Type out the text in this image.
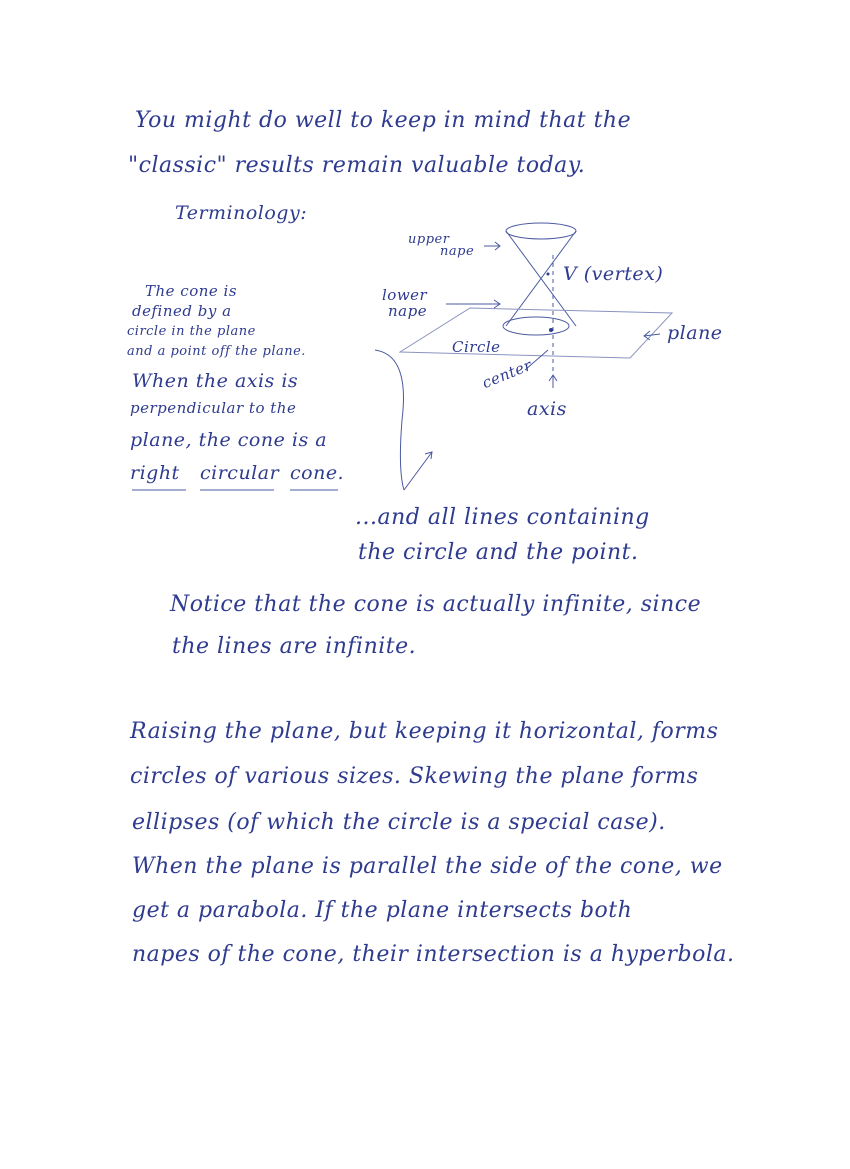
You might do well to keep in mind that the
"classic" results remain valuable today.
Terminology:
upper
nape
V (vertex)
lower
nape
plane
Circle
center
axis
The cone is
defined by a
circle in the plane
and a point off the plane.
When the axis is
perpendicular to the
plane, the cone is a
right circular cone.
...and all lines containing
the circle and the point.
Notice that the cone is actually infinite, since
the lines are infinite.
Raising the plane, but keeping it horizontal, forms
circles of various sizes. Skewing the plane forms
ellipses (of which the circle is a special case).
When the plane is parallel the side of the cone, we
get a parabola. If the plane intersects both
napes of the cone, their intersection is a hyperbola.
